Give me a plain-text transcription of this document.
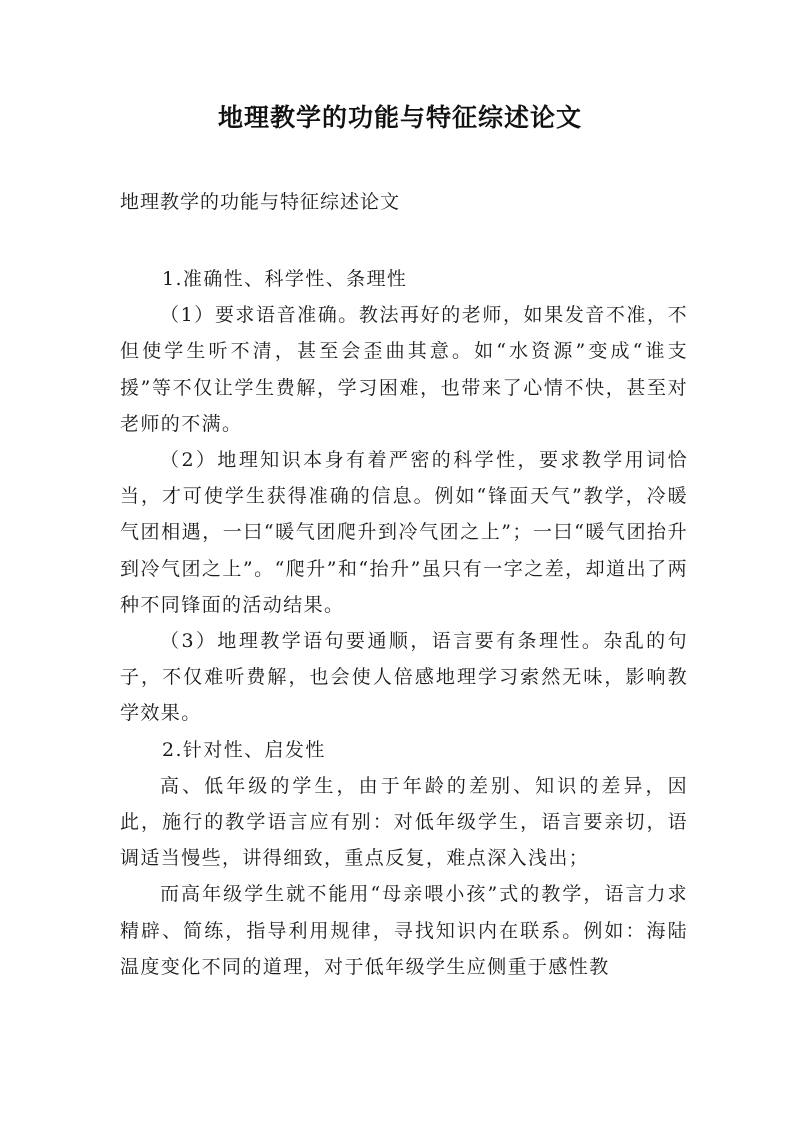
地理教学的功能与特征综述论文
地理教学的功能与特征综述论文

1.准确性、科学性、条理性

（1）要求语音准确。教法再好的老师，如果发音不准，不但使学生听不清，甚至会歪曲其意。如“水资源”变成“谁支援”等不仅让学生费解，学习困难，也带来了心情不快，甚至对老师的不满。

（2）地理知识本身有着严密的科学性，要求教学用词恰当，才可使学生获得准确的信息。例如“锋面天气”教学，冷暖气团相遇，一曰“暖气团爬升到冷气团之上”；一曰“暖气团抬升到冷气团之上”。“爬升”和“抬升”虽只有一字之差，却道出了两种不同锋面的活动结果。

（3）地理教学语句要通顺，语言要有条理性。杂乱的句子，不仅难听费解，也会使人倍感地理学习索然无味，影响教学效果。

2.针对性、启发性

高、低年级的学生，由于年龄的差别、知识的差异，因此，施行的教学语言应有别：对低年级学生，语言要亲切，语调适当慢些，讲得细致，重点反复，难点深入浅出；

而高年级学生就不能用“母亲喂小孩”式的教学，语言力求精辟、简练，指导利用规律，寻找知识内在联系。例如：海陆温度变化不同的道理，对于低年级学生应侧重于感性教
